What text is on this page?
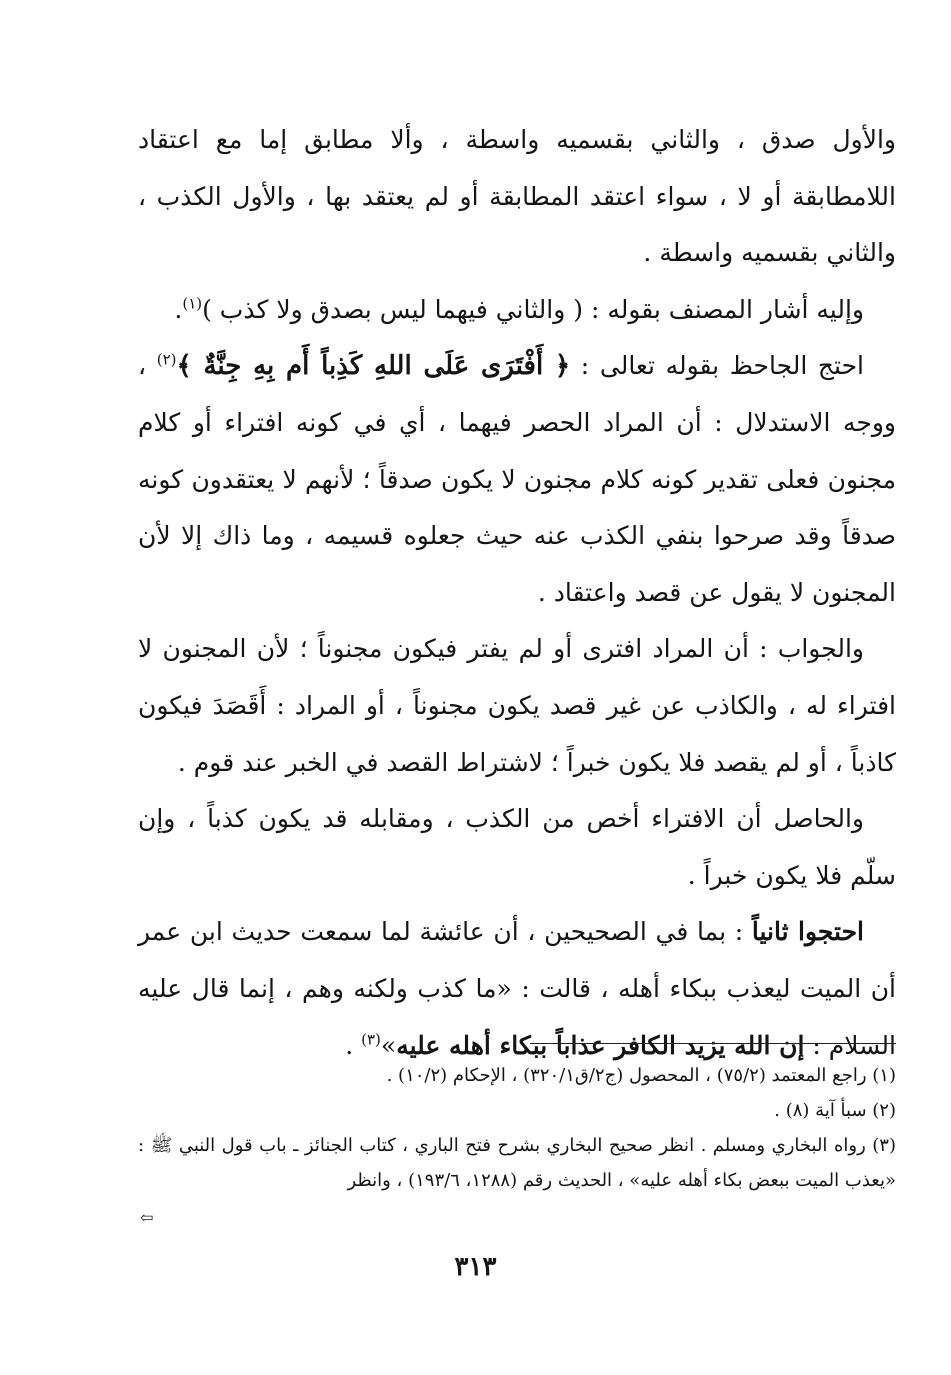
والأول صدق ، والثاني بقسميه واسطة ، وألا مطابق إما مع اعتقاد اللامطابقة أو لا ، سواء اعتقد المطابقة أو لم يعتقد بها ، والأول الكذب ، والثاني بقسميه واسطة .

وإليه أشار المصنف بقوله : ( والثاني فيهما ليس بصدق ولا كذب )$^{(١)}$.

احتج الجاحظ بقوله تعالى : ﴿ أَفْتَرَى عَلَى اللهِ كَذِباً أَم بِهِ جِنَّةٌ ﴾$^{(٢)}$ ، ووجه الاستدلال : أن المراد الحصر فيهما ، أي في كونه افتراء أو كلام مجنون فعلى تقدير كونه كلام مجنون لا يكون صدقاً ؛ لأنهم لا يعتقدون كونه صدقاً وقد صرحوا بنفي الكذب عنه حيث جعلوه قسيمه ، وما ذاك إلا لأن المجنون لا يقول عن قصد واعتقاد .

والجواب : أن المراد افترى أو لم يفتر فيكون مجنوناً ؛ لأن المجنون لا افتراء له ، والكاذب عن غير قصد يكون مجنوناً ، أو المراد : أَقَصَدَ فيكون كاذباً ، أو لم يقصد فلا يكون خبراً ؛ لاشتراط القصد في الخبر عند قوم .

والحاصل أن الافتراء أخص من الكذب ، ومقابله قد يكون كذباً ، وإن سلّم فلا يكون خبراً .

احتجوا ثانياً : بما في الصحيحين ، أن عائشة لما سمعت حديث ابن عمر أن الميت ليعذب ببكاء أهله ، قالت : «ما كذب ولكنه وهم ، إنما قال عليه السلام : إن الله يزيد الكافر عذاباً ببكاء أهله عليه»$^{(٣)}$ .

(١) راجع المعتمد (٧٥/٢) ، المحصول (ج٢/ق٣٢٠/١) ، الإحكام (١٠/٢) .

(٢) سبأ آية (٨) .

(٣) رواه البخاري ومسلم . انظر صحيح البخاري بشرح فتح الباري ، كتاب الجنائز ـ باب قول النبي ﷺ : «يعذب الميت ببعض بكاء أهله عليه» ، الحديث رقم (١٢٨٨، ١٩٣/٦) ، وانظر

⇦
٣١٣
